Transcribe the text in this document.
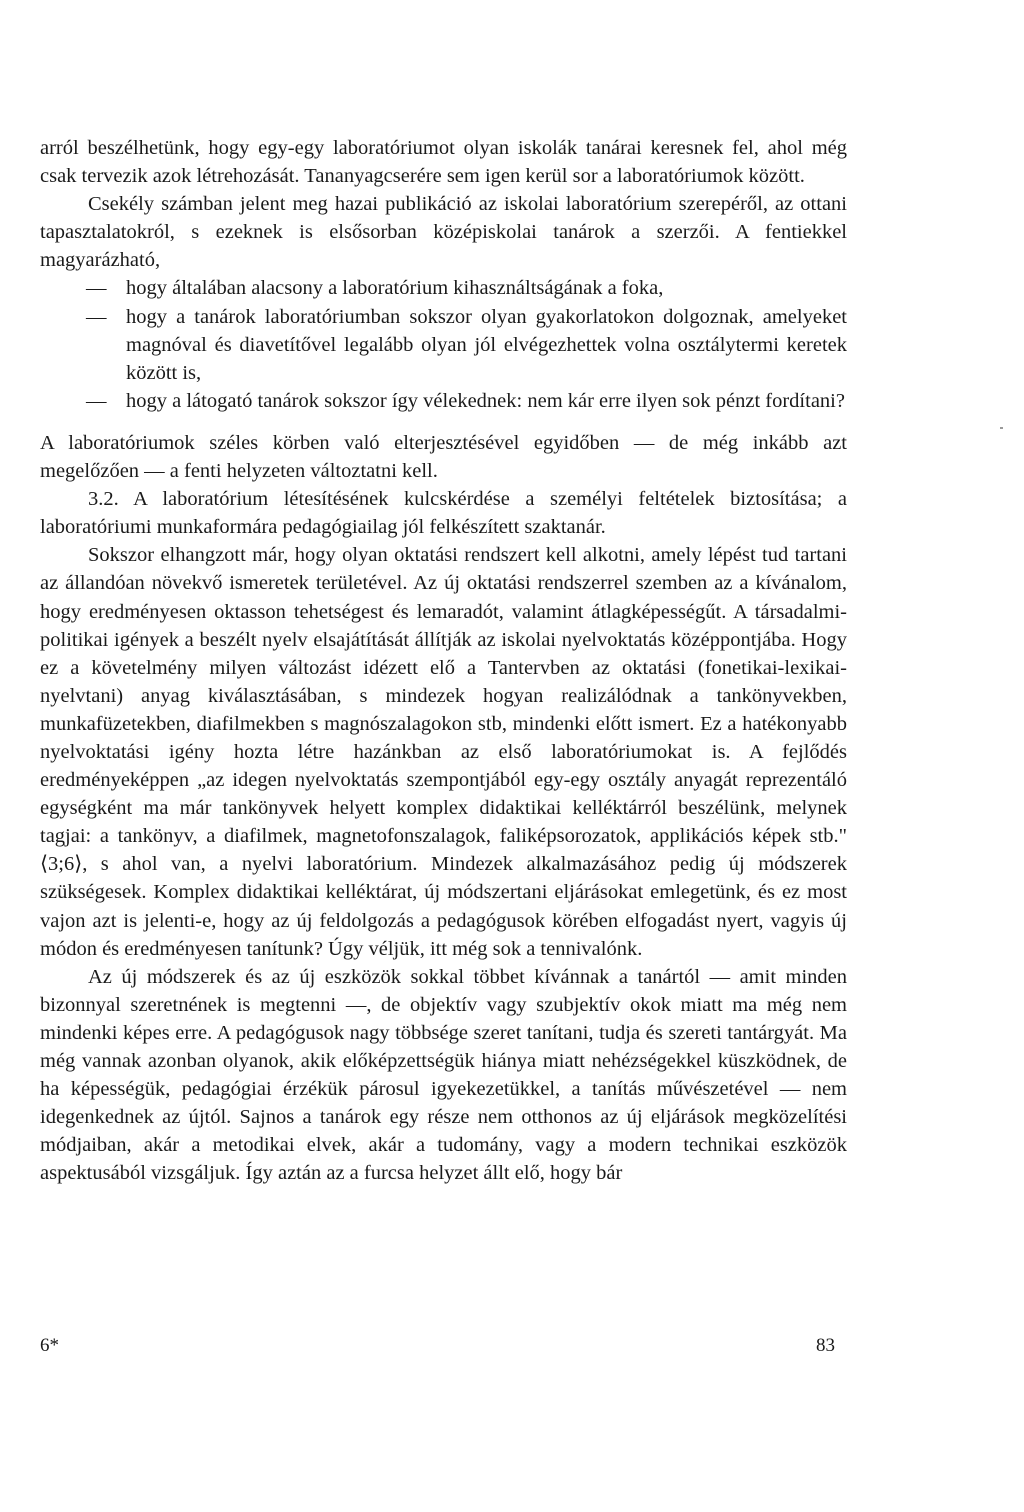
arról beszélhetünk, hogy egy-egy laboratóriumot olyan iskolák tanárai keresnek fel, ahol még csak tervezik azok létrehozását. Tananyagcserére sem igen kerül sor a laboratóriumok között.

Csekély számban jelent meg hazai publikáció az iskolai laboratórium szerepéről, az ottani tapasztalatokról, s ezeknek is elsősorban középiskolai tanárok a szerzői. A fentiekkel magyarázható,

— hogy általában alacsony a laboratórium kihasználtságának a foka,
— hogy a tanárok laboratóriumban sokszor olyan gyakorlatokon dolgoznak, amelyeket magnóval és diavetítővel legalább olyan jól elvégezhettek volna osztálytermi keretek között is,
— hogy a látogató tanárok sokszor így vélekednek: nem kár erre ilyen sok pénzt fordítani?

A laboratóriumok széles körben való elterjesztésével egyidőben — de még inkább azt megelőzően — a fenti helyzeten változtatni kell.

3.2. A laboratórium létesítésének kulcskérdése a személyi feltételek biztosítása; a laboratóriumi munkaformára pedagógiailag jól felkészített szaktanár.

Sokszor elhangzott már, hogy olyan oktatási rendszert kell alkotni, amely lépést tud tartani az állandóan növekvő ismeretek területével. Az új oktatási rendszerrel szemben az a kívánalom, hogy eredményesen oktasson tehetségest és lemaradót, valamint átlagképességűt. A társadalmi-politikai igények a beszélt nyelv elsajátítását állítják az iskolai nyelvoktatás középpontjába. Hogy ez a követelmény milyen változást idézett elő a Tantervben az oktatási (fonetikai-lexikai-nyelvtani) anyag kiválasztásában, s mindezek hogyan realizálódnak a tankönyvekben, munkafüzetekben, diafilmekben s magnószalagokon stb, mindenki előtt ismert. Ez a hatékonyabb nyelvoktatási igény hozta létre hazánkban az első laboratóriumokat is. A fejlődés eredményeképpen „az idegen nyelvoktatás szempontjából egy-egy osztály anyagát reprezentáló egységként ma már tankönyvek helyett komplex didaktikai kelléktárról beszélünk, melynek tagjai: a tankönyv, a diafilmek, magnetofonszalagok, faliképsorozatok, applikációs képek stb." ⟨3;6⟩, s ahol van, a nyelvi laboratórium. Mindezek alkalmazásához pedig új módszerek szükségesek. Komplex didaktikai kelléktárat, új módszertani eljárásokat emlegetünk, és ez most vajon azt is jelenti-e, hogy az új feldolgozás a pedagógusok körében elfogadást nyert, vagyis új módon és eredményesen tanítunk? Úgy véljük, itt még sok a tennivalónk.

Az új módszerek és az új eszközök sokkal többet kívánnak a tanártól — amit minden bizonnyal szeretnének is megtenni —, de objektív vagy szubjektív okok miatt ma még nem mindenki képes erre. A pedagógusok nagy többsége szeret tanítani, tudja és szereti tantárgyát. Ma még vannak azonban olyanok, akik előképzettségük hiánya miatt nehézségekkel küszködnek, de ha képességük, pedagógiai érzékük párosul igyekezetükkel, a tanítás művészetével — nem idegenkednek az újtól. Sajnos a tanárok egy része nem otthonos az új eljárások megközelítési módjaiban, akár a metodikai elvek, akár a tudomány, vagy a modern technikai eszközök aspektusából vizsgáljuk. Így aztán az a furcsa helyzet állt elő, hogy bár

6*	83
